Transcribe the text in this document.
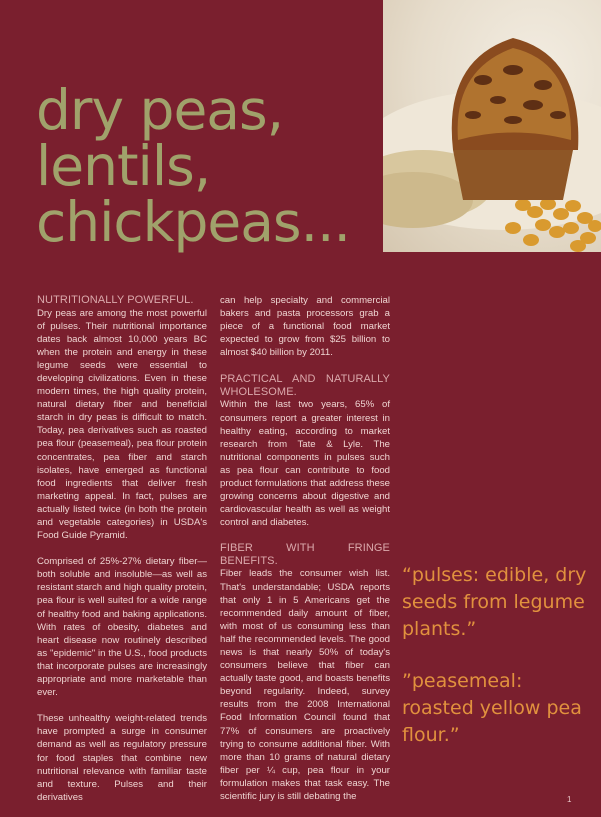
dry peas,
lentils,
chickpeas...
NUTRITIONALLY POWERFUL.

Dry peas are among the most powerful of pulses. Their nutritional importance dates back almost 10,000 years BC when the protein and energy in these legume seeds were essential to developing civilizations. Even in these modern times, the high quality protein, natural dietary fiber and beneficial starch in dry peas is difficult to match. Today, pea derivatives such as roasted pea flour (peasemeal), pea flour protein concentrates, pea fiber and starch isolates, have emerged as functional food ingredients that deliver fresh marketing appeal. In fact, pulses are actually listed twice (in both the protein and vegetable categories) in USDA's Food Guide Pyramid.

Comprised of 25%-27% dietary fiber—both soluble and insoluble—as well as resistant starch and high quality protein, pea flour is well suited for a wide range of healthy food and baking applications. With rates of obesity, diabetes and heart disease now routinely described as "epidemic" in the U.S., food products that incorporate pulses are increasingly appropriate and more marketable than ever.

These unhealthy weight-related trends have prompted a surge in consumer demand as well as regulatory pressure for food staples that combine new nutritional relevance with familiar taste and texture. Pulses and their derivatives

can help specialty and commercial bakers and pasta processors grab a piece of a functional food market expected to grow from $25 billion to almost $40 billion by 2011.

PRACTICAL AND NATURALLY WHOLESOME.

Within the last two years, 65% of consumers report a greater interest in healthy eating, according to market research from Tate & Lyle. The nutritional components in pulses such as pea flour can contribute to food product formulations that address these growing concerns about digestive and cardiovascular health as well as weight control and diabetes.

FIBER WITH FRINGE BENEFITS.

Fiber leads the consumer wish list. That's understandable; USDA reports that only 1 in 5 Americans get the recommended daily amount of fiber, with most of us consuming less than half the recommended levels. The good news is that nearly 50% of today's consumers believe that fiber can actually taste good, and boasts benefits beyond regularity. Indeed, survey results from the 2008 International Food Information Council found that 77% of consumers are proactively trying to consume additional fiber. With more than 10 grams of natural dietary fiber per ¼ cup, pea flour in your formulation makes that task easy. The scientific jury is still debating the

“pulses: edible, dry seeds from legume plants.”

”peasemeal: roasted yellow pea flour.”

1
